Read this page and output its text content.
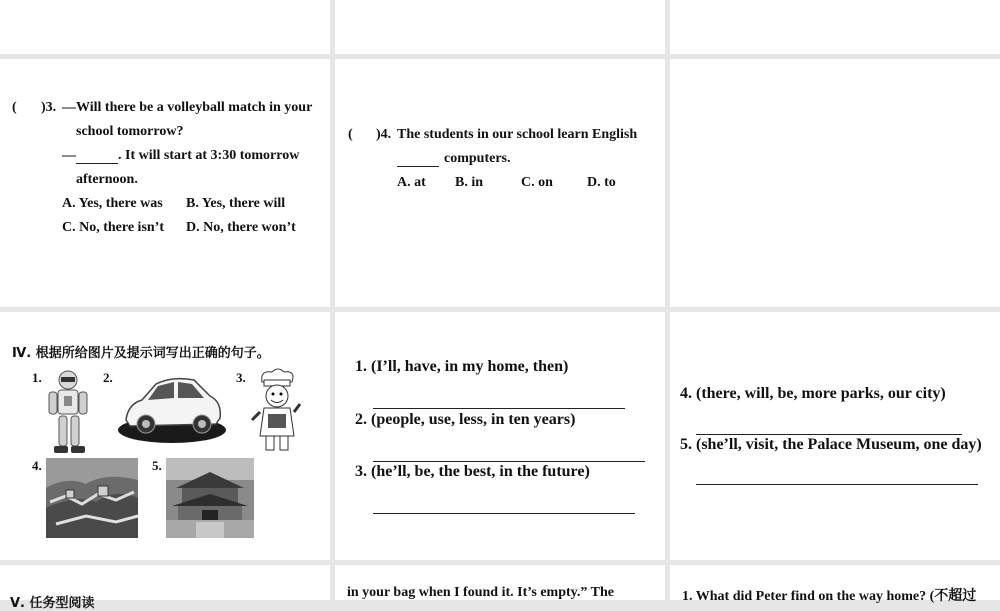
( )3. —Will there be a volleyball match in your
school tomorrow?
—	. It will start at 3:30 tomorrow
afternoon.
A. Yes, there was B. Yes, there will
C. No, there isn’t D. No, there won’t
( )4. The students in our school learn English
computers.
A. at B. in	C. on D. to
Ⅳ. 根据所给图片及提示词写出正确的句子。
1.	2.	3.
4.	5.
1. (I’ll, have, in my home, then)
2. (people, use, less, in ten years)
3. (he’ll, be, the best, in the future)
4. (there, will, be, more parks, our city)
5. (she’ll, visit, the Palace Museum, one day)
Ⅴ. 任务型阅读
in your bag when I found it. It’s empty.” The	1. What did Peter find on the way home? (不超过
